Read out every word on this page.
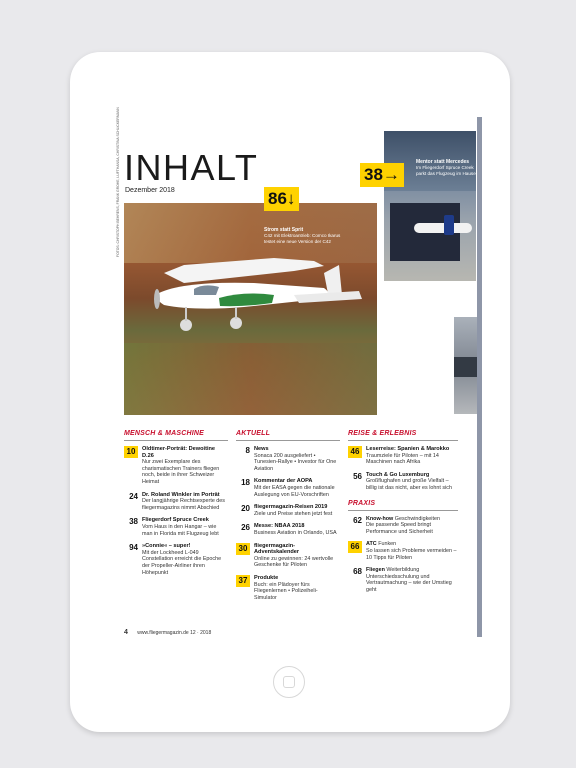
INHALT
Dezember 2018
FOTOS: CHRISTOPH BEHRENS, FRANK GROHE, LUFTHANSA, CHRISTINA SCHLICKERMANN	86↓
Strom statt Sprit
C42 mit Elektroantrieb: Comco Ikarus testet eine neue Version der C42
38→
Mentor statt Mercedes
Im Fliegerdorf Spruce Creek parkt das Flugzeug im Hause
MENSCH & MASCHINE
10	Oldtimer-Porträt: Dewoitine D.26
Nur zwei Exemplare des charismatischen Trainers fliegen noch, beide in ihrer Schweizer Heimat
24 Dr. Roland Winkler im Porträt
Der langjährige Rechtsexperte des fliegermagazins nimmt Abschied
38 Fliegerdorf Spruce Creek
Vom Haus in den Hangar – wie man in Florida mit Flugzeug lebt
94 »Connie« – super!
Mit der Lockheed L-049 Constellation erreicht die Epoche der Propeller-Airliner ihren Höhepunkt
AKTUELL
8 News
Sonaca 200 ausgeliefert • Tunesien-Rallye • Investor für One Aviation
18 Kommentar der AOPA
Mit der EASA gegen die nationale Auslegung von EU-Vorschriften
20 fliegermagazin-Reisen 2019
Ziele und Preise stehen jetzt fest
26 Messe: NBAA 2018
Business Aviation in Orlando, USA
30	fliegermagazin-Adventskalender
Online zu gewinnen: 24 wertvolle Geschenke für Piloten
37	Produkte
Buch: ein Plädoyer fürs Fliegenlernen • Polizeiheli-Simulator
REISE & ERLEBNIS
46	Leserreise: Spanien & Marokko
Traumziele für Piloten – mit 14 Maschinen nach Afrika
56 Touch & Go Luxemburg
Großflughafen und große Vielfalt – billig ist das nicht, aber es lohnt sich
PRAXIS
62 Know-how Geschwindigkeiten
Die passende Speed bringt Performance und Sicherheit
66	ATC Funken
So lassen sich Probleme vermeiden – 10 Tipps für Piloten
68 Fliegen Weiterbildung
Unterschiedsschulung und Vertrautmachung – wie der Umstieg geht
4 www.fliegermagazin.de 12 · 2018
